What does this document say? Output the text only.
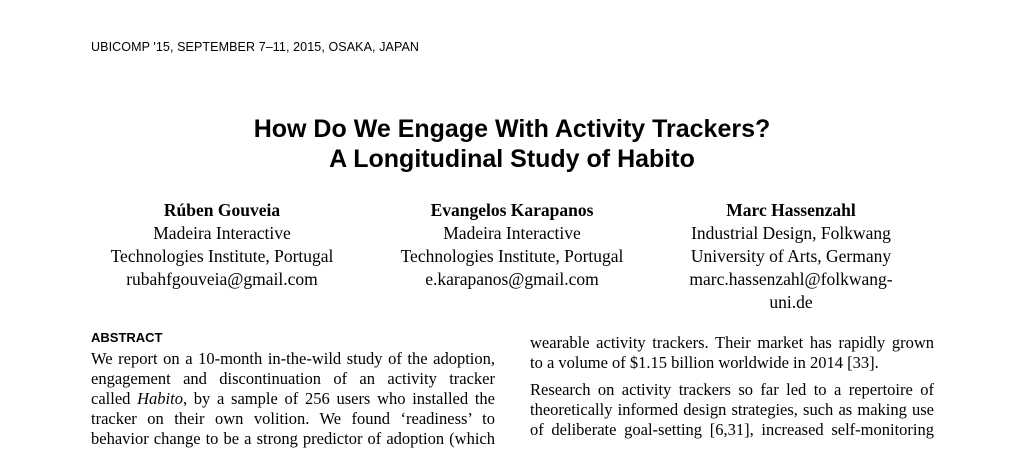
UBICOMP '15, SEPTEMBER 7–11, 2015, OSAKA, JAPAN
How Do We Engage With Activity Trackers?
A Longitudinal Study of Habito
Rúben Gouveia
Madeira Interactive
Technologies Institute, Portugal
rubahfgouveia@gmail.com
Evangelos Karapanos
Madeira Interactive
Technologies Institute, Portugal
e.karapanos@gmail.com
Marc Hassenzahl
Industrial Design, Folkwang
University of Arts, Germany
marc.hassenzahl@folkwang-
uni.de
ABSTRACT
We report on a 10-month in-the-wild study of the adoption,
engagement and discontinuation of an activity tracker
called Habito, by a sample of 256 users who installed the
tracker on their own volition. We found ‘readiness’ to
behavior change to be a strong predictor of adoption (which
wearable activity trackers. Their market has rapidly grown
to a volume of $1.15 billion worldwide in 2014 [33].
Research on activity trackers so far led to a repertoire of
theoretically informed design strategies, such as making use
of deliberate goal-setting [6,31], increased self-monitoring
